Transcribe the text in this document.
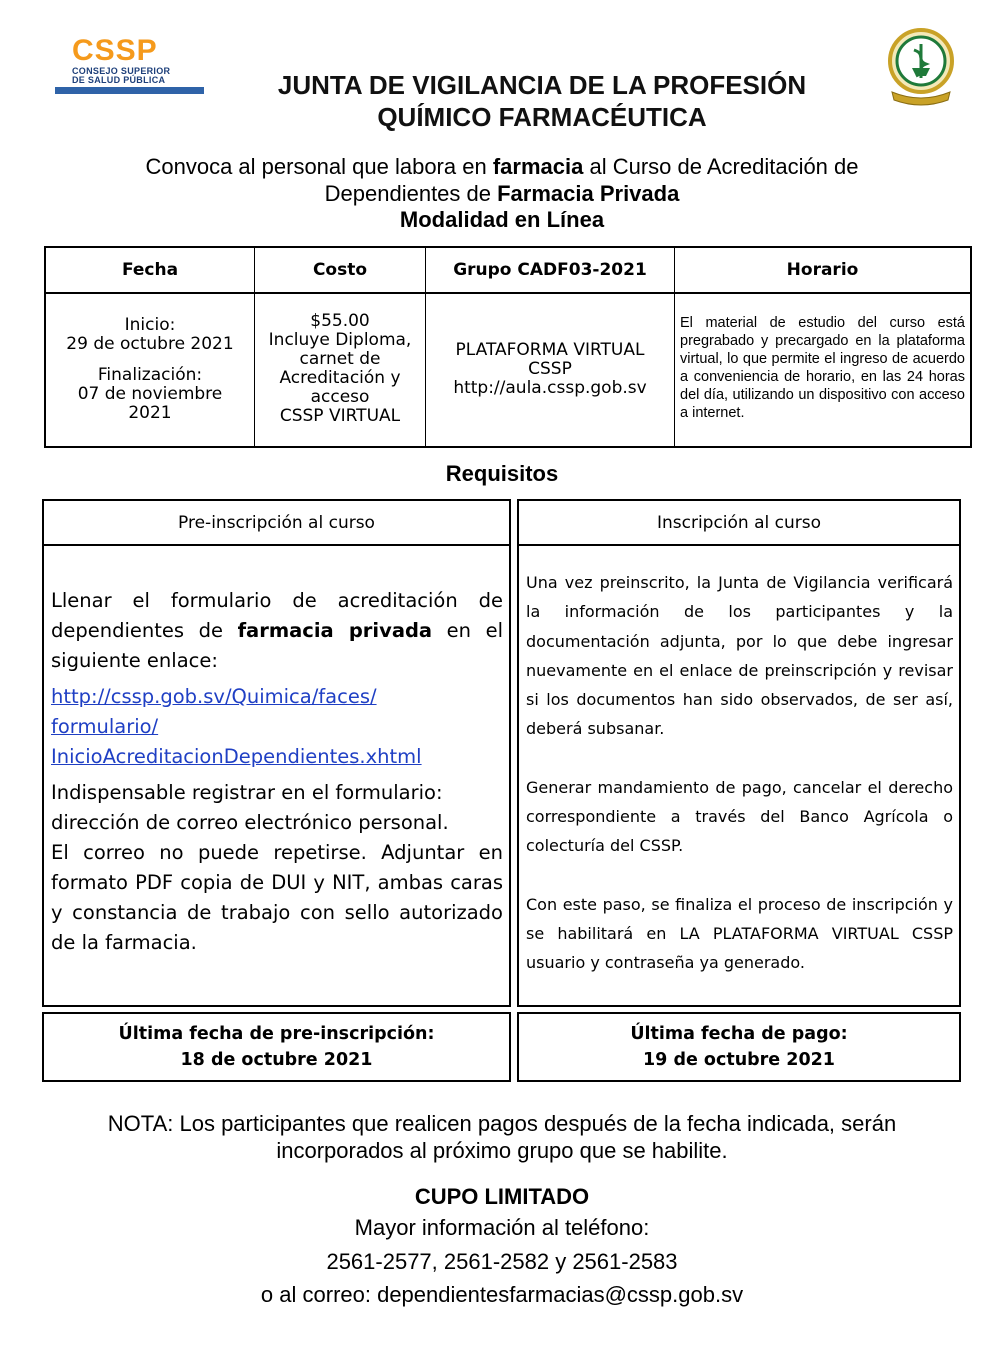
CSSP
CONSEJO SUPERIOR
DE SALUD PÚBLICA	JUNTA DE VIGILANCIA DE LA PROFESIÓN
QUÍMICO FARMACÉUTICA
Convoca al personal que labora en farmacia al Curso de Acreditación de
Dependientes de Farmacia Privada
Modalidad en Línea
Fecha
Inicio:
29 de octubre 2021
Finalización:
07 de noviembre
2021
Costo
$55.00
Incluye Diploma,
carnet de
Acreditación y
acceso
CSSP VIRTUAL
Grupo CADF03-2021
PLATAFORMA VIRTUAL
CSSP
http://aula.cssp.gob.sv
Horario
El material de estudio del curso está pregrabado y precargado en la plataforma virtual, lo que permite el ingreso de acuerdo a conveniencia de horario, en las 24 horas del día, utilizando un dispositivo con acceso a internet.
Requisitos
Pre-inscripción al curso

Llenar el formulario de acreditación de dependientes de farmacia privada en el siguiente enlace:

http://cssp.gob.sv/Quimica/faces/
formulario/
InicioAcreditacionDependientes.xhtml

Indispensable registrar en el formulario:
dirección de correo electrónico personal.
El correo no puede repetirse. Adjuntar en formato PDF copia de DUI y NIT, ambas caras y constancia de trabajo con sello autorizado de la farmacia.

Inscripción al curso

Una vez preinscrito, la Junta de Vigilancia verificará la información de los participantes y la documentación adjunta, por lo que debe ingresar nuevamente en el enlace de preinscripción y revisar si los documentos han sido observados, de ser así, deberá subsanar.

Generar mandamiento de pago, cancelar el derecho correspondiente a través del Banco Agrícola o colecturía del CSSP.

Con este paso, se finaliza el proceso de inscripción y se habilitará en LA PLATAFORMA VIRTUAL CSSP usuario y contraseña ya generado.

Última fecha de pre-inscripción:
18 de octubre 2021
Última fecha de pago:
19 de octubre 2021
NOTA: Los participantes que realicen pagos después de la fecha indicada, serán
incorporados al próximo grupo que se habilite.
CUPO LIMITADO
Mayor información al teléfono:
2561-2577, 2561-2582 y 2561-2583
o al correo: dependientesfarmacias@cssp.gob.sv
